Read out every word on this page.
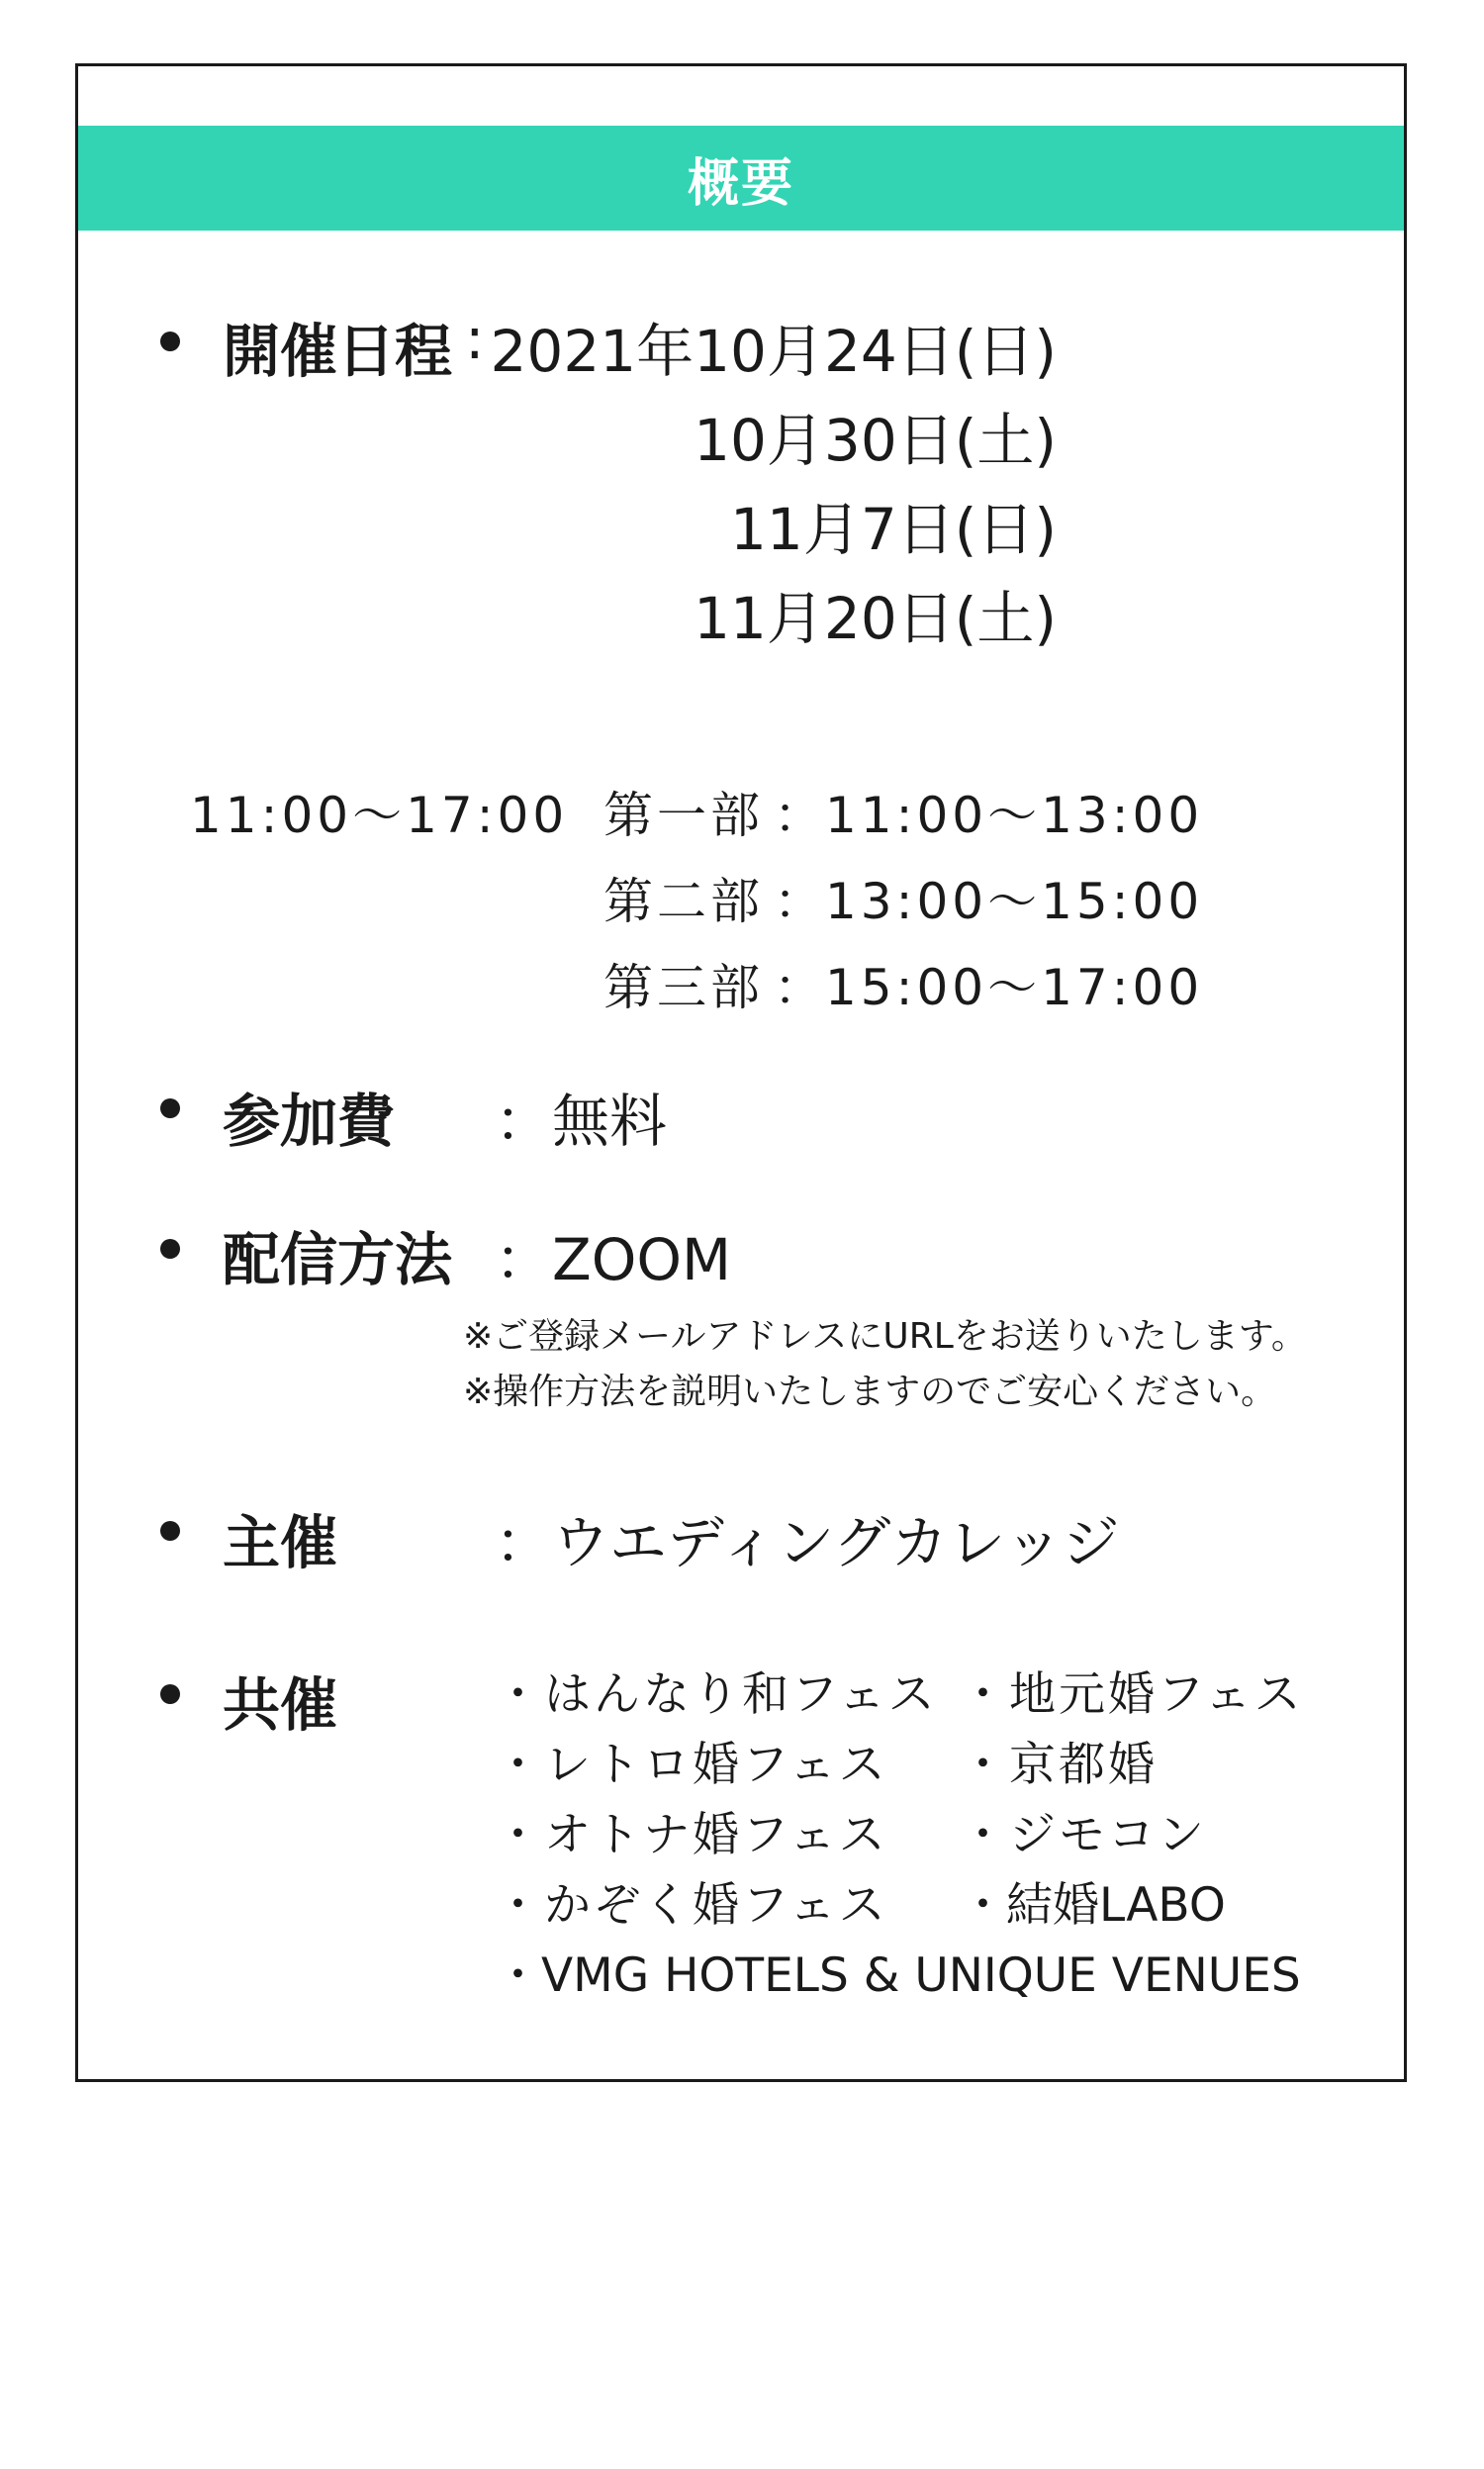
概要
開催日程 : 2021年10月24日(日)
10月30日(土)
11月7日(日)
11月20日(土)
11:00〜17:00 第一部 ：
11:00〜13:00
第二部 ：
13:00〜15:00
第三部 ：
15:00〜17:00
参加費 ：無料
配信方法 ：ZOOM
※ご登録メールアドレスにURLをお送りいたします。
※操作方法を説明いたしますのでご安心ください。
主催	：ウエディングカレッジ
共催	・はんなり和フェス
・レトロ婚フェス
・オトナ婚フェス
・かぞく婚フェス
・地元婚フェス
・京都婚
・ジモコン
・結婚LABO
・VMG HOTELS & UNIQUE VENUES
